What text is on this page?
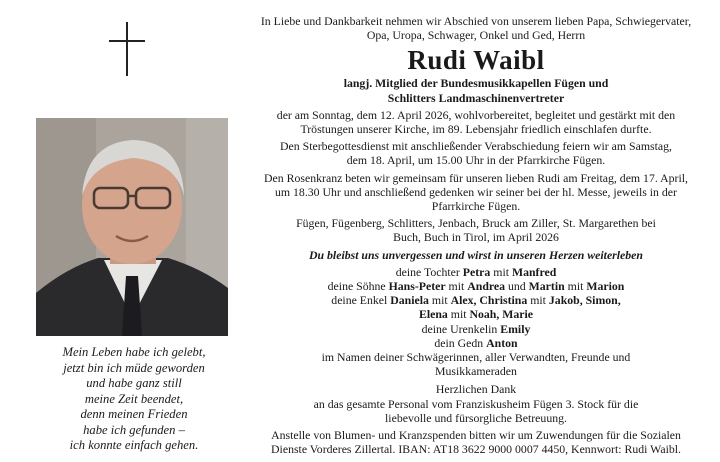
Mein Leben habe ich gelebt,
jetzt bin ich müde geworden
und habe ganz still
meine Zeit beendet,
denn meinen Frieden
habe ich gefunden –
ich konnte einfach gehen.

In Liebe und Dankbarkeit nehmen wir Abschied von unserem lieben Papa, Schwiegervater, Opa, Uropa, Schwager, Onkel und Ged, Herrn

Rudi Waibl

langj. Mitglied der Bundesmusikkapellen Fügen und Schlitters Landmaschinenvertreter

der am Sonntag, dem 12. April 2026, wohlvorbereitet, begleitet und gestärkt mit den Tröstungen unserer Kirche, im 89. Lebensjahr friedlich einschlafen durfte.

Den Sterbegottesdienst mit anschließender Verabschiedung feiern wir am Samstag, dem 18. April, um 15.00 Uhr in der Pfarrkirche Fügen.

Den Rosenkranz beten wir gemeinsam für unseren lieben Rudi am Freitag, dem 17. April, um 18.30 Uhr und anschließend gedenken wir seiner bei der hl. Messe, jeweils in der Pfarrkirche Fügen.

Fügen, Fügenberg, Schlitters, Jenbach, Bruck am Ziller, St. Margarethen bei Buch, Buch in Tirol, im April 2026

Du bleibst uns unvergessen und wirst in unseren Herzen weiterleben

deine Tochter Petra mit Manfred
deine Söhne Hans-Peter mit Andrea und Martin mit Marion
deine Enkel Daniela mit Alex, Christina mit Jakob, Simon,
Elena mit Noah, Marie
deine Urenkelin Emily
dein Gedn Anton

im Namen deiner Schwägerinnen, aller Verwandten, Freunde und Musikkameraden

Herzlichen Dank

an das gesamte Personal vom Franziskusheim Fügen 3. Stock für die liebevolle und fürsorgliche Betreuung.

Anstelle von Blumen- und Kranzspenden bitten wir um Zuwendungen für die Sozialen
Dienste Vorderes Zillertal. IBAN: AT18 3622 9000 0007 4450, Kennwort: Rudi Waibl.
